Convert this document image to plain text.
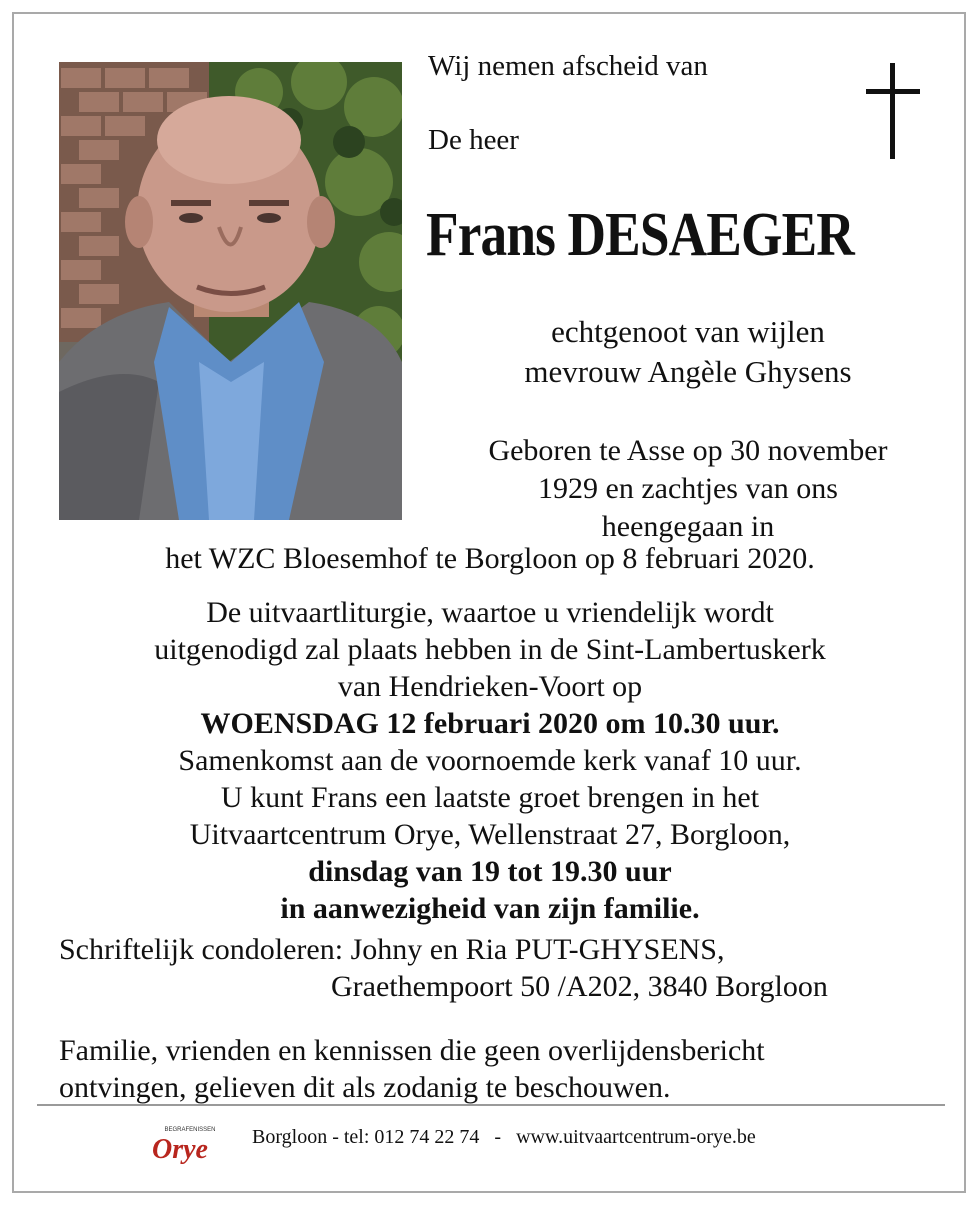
Wij nemen afscheid van
De heer
Frans DESAEGER
echtgenoot van wijlen
mevrouw Angèle Ghysens
Geboren te Asse op 30 november
1929 en zachtjes van ons
heengegaan in
het WZC Bloesemhof te Borgloon op 8 februari 2020.
De uitvaartliturgie, waartoe u vriendelijk wordt
uitgenodigd zal plaats hebben in de Sint-Lambertuskerk
van Hendrieken-Voort op
WOENSDAG 12 februari 2020 om 10.30 uur.
Samenkomst aan de voornoemde kerk vanaf 10 uur.
U kunt Frans een laatste groet brengen in het
Uitvaartcentrum Orye, Wellenstraat 27, Borgloon,
dinsdag van 19 tot 19.30 uur
in aanwezigheid van zijn familie.
Schriftelijk condoleren: Johny en Ria PUT-GHYSENS,
Graethempoort 50 /A202, 3840 Borgloon
Familie, vrienden en kennissen die geen overlijdensbericht
ontvingen, gelieven dit als zodanig te beschouwen.
BEGRAFENISSEN
Orye Borgloon - tel: 012 74 22 74 - www.uitvaartcentrum-orye.be
